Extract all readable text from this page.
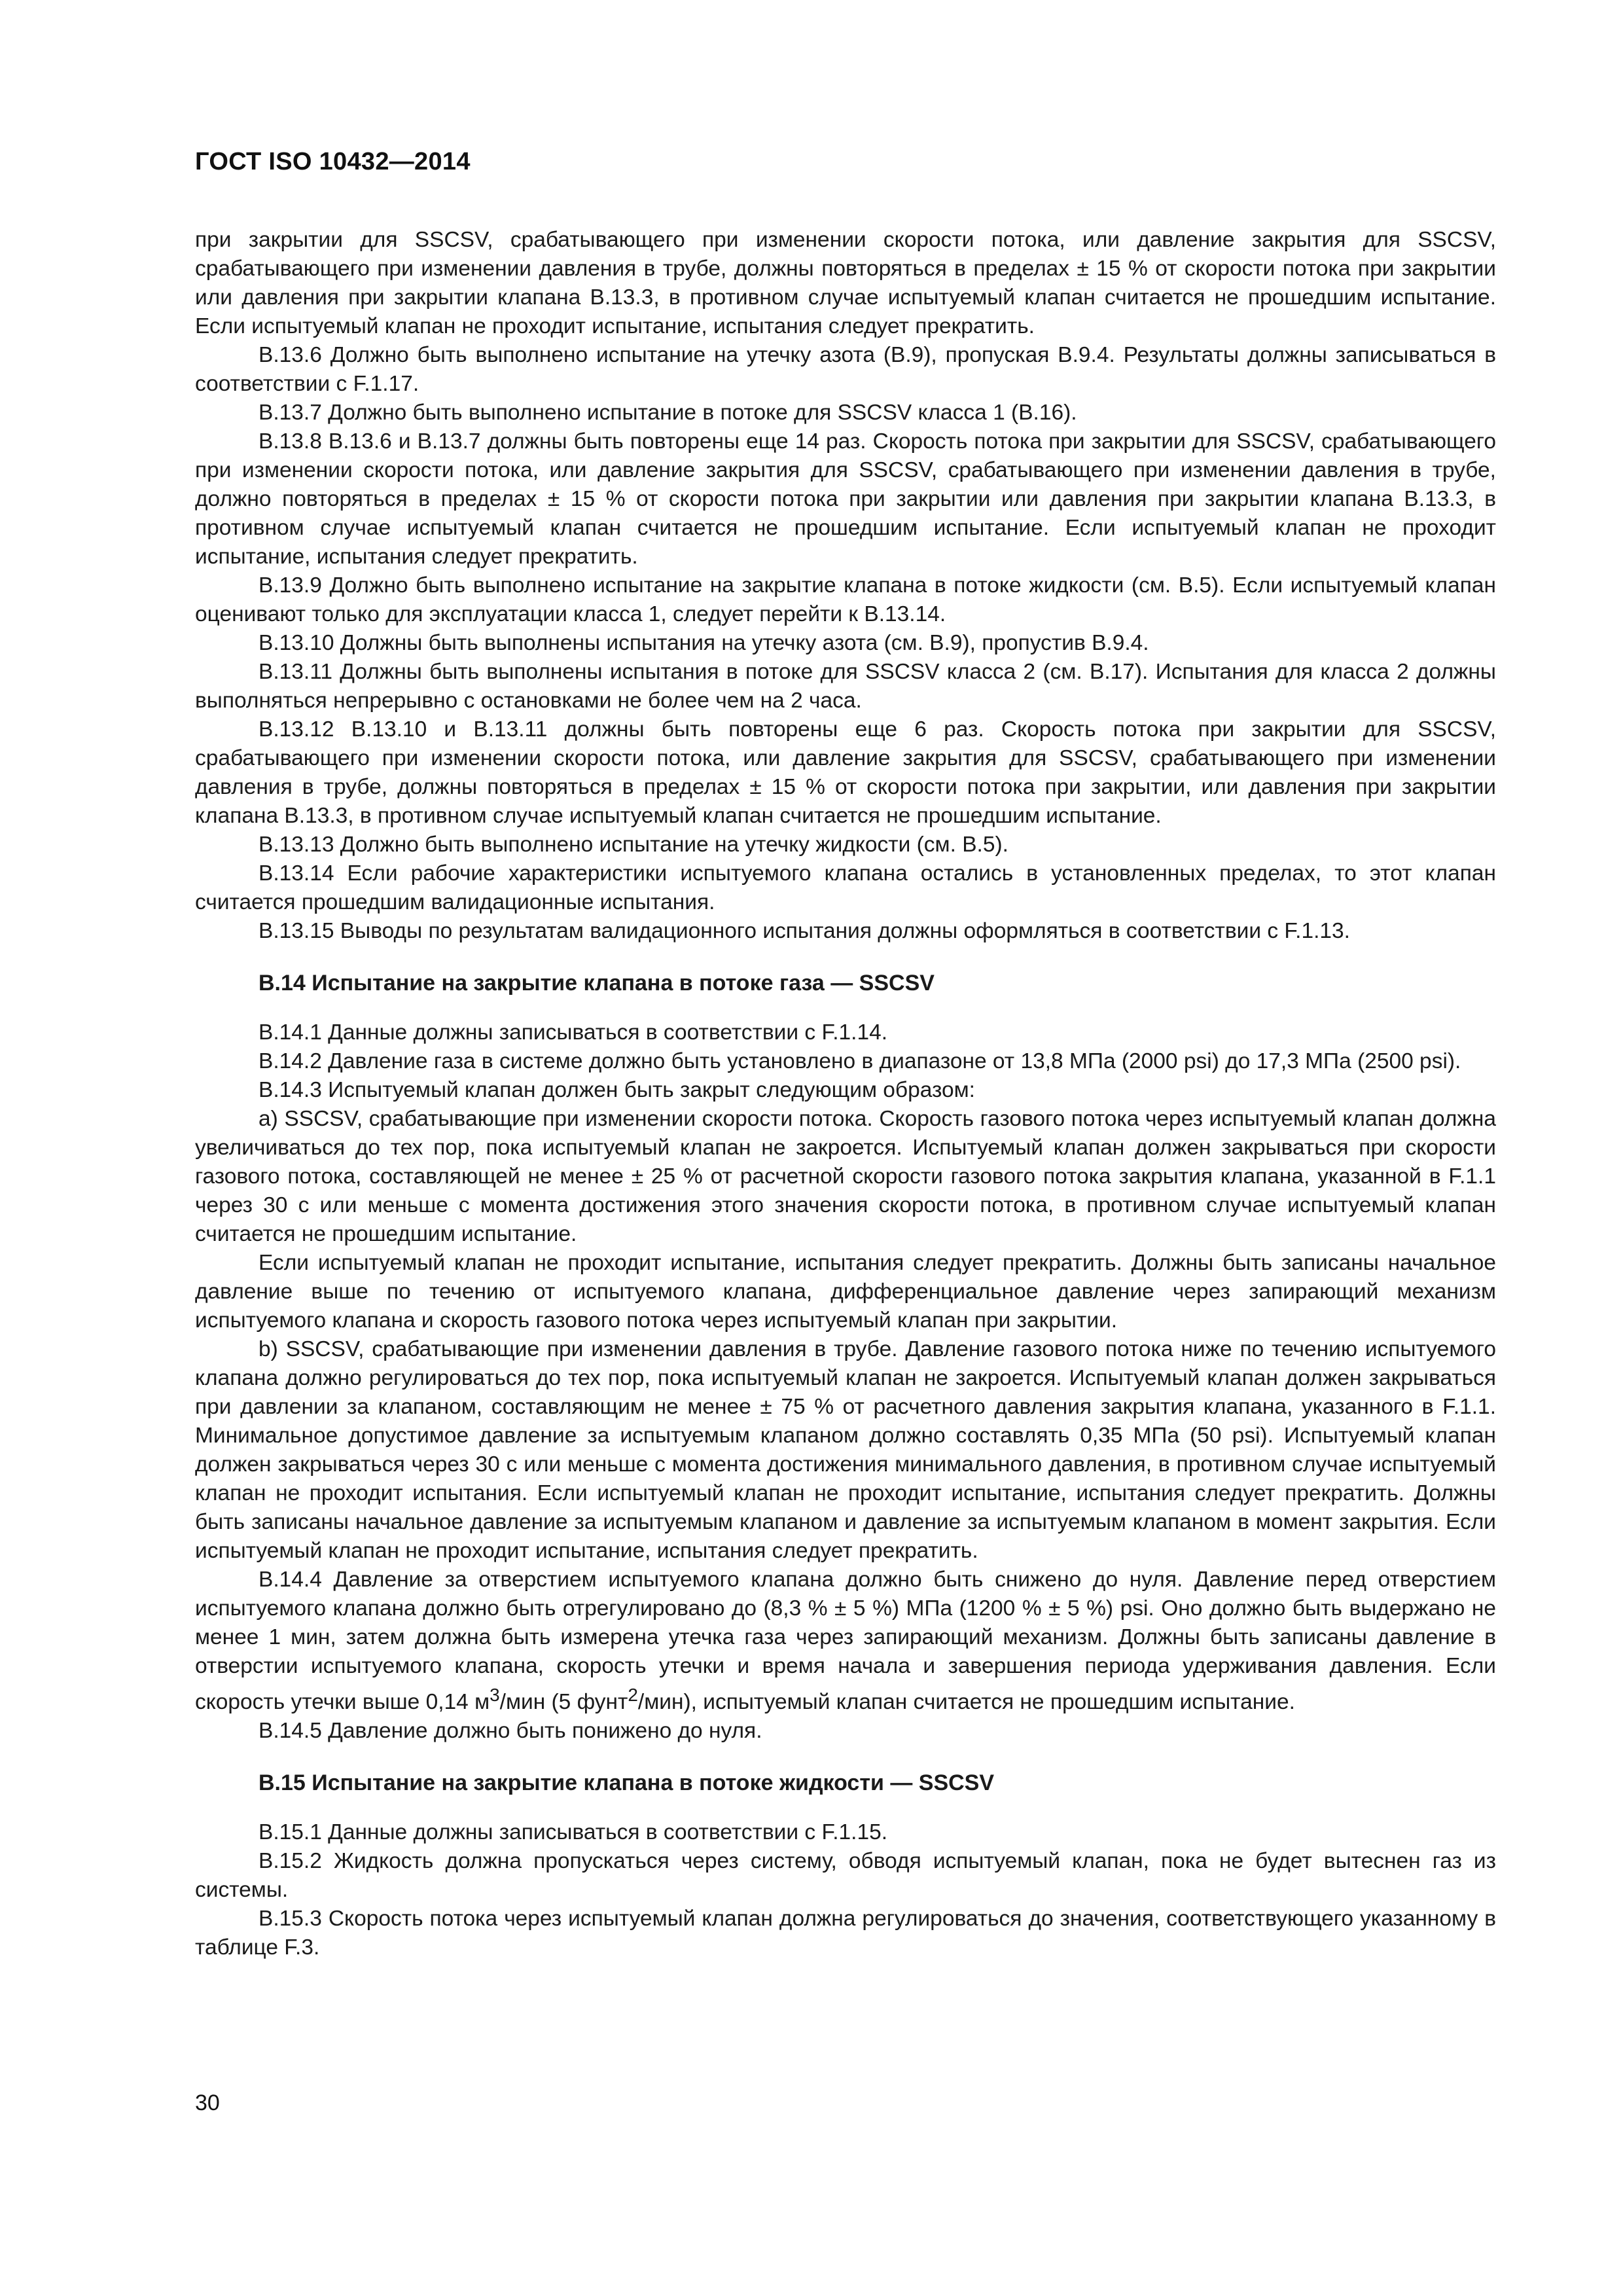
ГОСТ ISO 10432—2014

при закрытии для SSCSV, срабатывающего при изменении скорости потока, или давление закрытия для SSCSV, срабатывающего при изменении давления в трубе, должны повторяться в пределах ± 15 % от скорости потока при закрытии или давления при закрытии клапана B.13.3, в противном случае испытуемый клапан считается не прошедшим испытание. Если испытуемый клапан не проходит испытание, испытания следует прекратить.

B.13.6 Должно быть выполнено испытание на утечку азота (B.9), пропуская B.9.4. Результаты должны записываться в соответствии с F.1.17.

B.13.7 Должно быть выполнено испытание в потоке для SSCSV класса 1 (B.16).

B.13.8 B.13.6 и B.13.7 должны быть повторены еще 14 раз. Скорость потока при закрытии для SSCSV, срабатывающего при изменении скорости потока, или давление закрытия для SSCSV, срабатывающего при изменении давления в трубе, должно повторяться в пределах ± 15 % от скорости потока при закрытии или давления при закрытии клапана B.13.3, в противном случае испытуемый клапан считается не прошедшим испытание. Если испытуемый клапан не проходит испытание, испытания следует прекратить.

B.13.9 Должно быть выполнено испытание на закрытие клапана в потоке жидкости (см. B.5). Если испытуемый клапан оценивают только для эксплуатации класса 1, следует перейти к B.13.14.

B.13.10 Должны быть выполнены испытания на утечку азота (см. B.9), пропустив B.9.4.

B.13.11 Должны быть выполнены испытания в потоке для SSCSV класса 2 (см. B.17). Испытания для класса 2 должны выполняться непрерывно с остановками не более чем на 2 часа.

B.13.12 B.13.10 и B.13.11 должны быть повторены еще 6 раз. Скорость потока при закрытии для SSCSV, срабатывающего при изменении скорости потока, или давление закрытия для SSCSV, срабатывающего при изменении давления в трубе, должны повторяться в пределах ± 15 % от скорости потока при закрытии, или давления при закрытии клапана B.13.3, в противном случае испытуемый клапан считается не прошедшим испытание.

B.13.13 Должно быть выполнено испытание на утечку жидкости (см. B.5).

B.13.14 Если рабочие характеристики испытуемого клапана остались в установленных пределах, то этот клапан считается прошедшим валидационные испытания.

B.13.15 Выводы по результатам валидационного испытания должны оформляться в соответствии с F.1.13.

B.14 Испытание на закрытие клапана в потоке газа — SSCSV

B.14.1 Данные должны записываться в соответствии с F.1.14.

B.14.2 Давление газа в системе должно быть установлено в диапазоне от 13,8 МПа (2000 psi) до 17,3 МПа (2500 psi).

B.14.3 Испытуемый клапан должен быть закрыт следующим образом:

a) SSCSV, срабатывающие при изменении скорости потока. Скорость газового потока через испытуемый клапан должна увеличиваться до тех пор, пока испытуемый клапан не закроется. Испытуемый клапан должен закрываться при скорости газового потока, составляющей не менее ± 25 % от расчетной скорости газового потока закрытия клапана, указанной в F.1.1 через 30 с или меньше с момента достижения этого значения скорости потока, в противном случае испытуемый клапан считается не прошедшим испытание.

Если испытуемый клапан не проходит испытание, испытания следует прекратить. Должны быть записаны начальное давление выше по течению от испытуемого клапана, дифференциальное давление через запирающий механизм испытуемого клапана и скорость газового потока через испытуемый клапан при закрытии.

b) SSCSV, срабатывающие при изменении давления в трубе. Давление газового потока ниже по течению испытуемого клапана должно регулироваться до тех пор, пока испытуемый клапан не закроется. Испытуемый клапан должен закрываться при давлении за клапаном, составляющим не менее ± 75 % от расчетного давления закрытия клапана, указанного в F.1.1. Минимальное допустимое давление за испытуемым клапаном должно составлять 0,35 МПа (50 psi). Испытуемый клапан должен закрываться через 30 с или меньше с момента достижения минимального давления, в противном случае испытуемый клапан не проходит испытания. Если испытуемый клапан не проходит испытание, испытания следует прекратить. Должны быть записаны начальное давление за испытуемым клапаном и давление за испытуемым клапаном в момент закрытия. Если испытуемый клапан не проходит испытание, испытания следует прекратить.

B.14.4 Давление за отверстием испытуемого клапана должно быть снижено до нуля. Давление перед отверстием испытуемого клапана должно быть отрегулировано до (8,3 % ± 5 %) МПа (1200 % ± 5 %) psi. Оно должно быть выдержано не менее 1 мин, затем должна быть измерена утечка газа через запирающий механизм. Должны быть записаны давление в отверстии испытуемого клапана, скорость утечки и время начала и завершения периода удерживания давления. Если скорость утечки выше 0,14 $м^3$/мин (5 фунт$^2$/мин), испытуемый клапан считается не прошедшим испытание.

B.14.5 Давление должно быть понижено до нуля.

B.15 Испытание на закрытие клапана в потоке жидкости — SSCSV

B.15.1 Данные должны записываться в соответствии с F.1.15.

B.15.2 Жидкость должна пропускаться через систему, обводя испытуемый клапан, пока не будет вытеснен газ из системы.

B.15.3 Скорость потока через испытуемый клапан должна регулироваться до значения, соответствующего указанному в таблице F.3.

30
